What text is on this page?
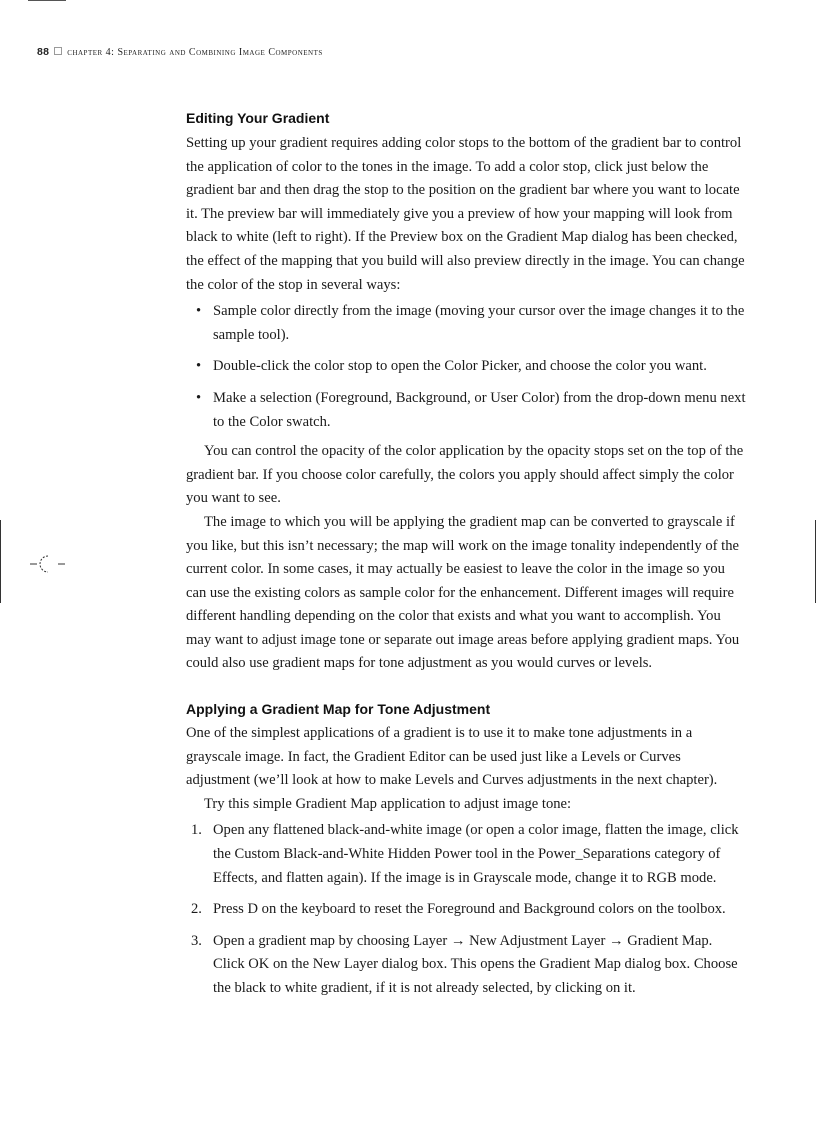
88 chapter 4: Separating and Combining Image Components
Editing Your Gradient

Setting up your gradient requires adding color stops to the bottom of the gradient bar to control the application of color to the tones in the image. To add a color stop, click just below the gradient bar and then drag the stop to the position on the gradient bar where you want to locate it. The preview bar will immediately give you a preview of how your mapping will look from black to white (left to right). If the Preview box on the Gradient Map dialog has been checked, the effect of the mapping that you build will also preview directly in the image. You can change the color of the stop in several ways:

• Sample color directly from the image (moving your cursor over the image changes it to the sample tool).
• Double-click the color stop to open the Color Picker, and choose the color you want.
• Make a selection (Foreground, Background, or User Color) from the drop-down menu next to the Color swatch.

You can control the opacity of the color application by the opacity stops set on the top of the gradient bar. If you choose color carefully, the colors you apply should affect simply the color you want to see.

The image to which you will be applying the gradient map can be converted to grayscale if you like, but this isn’t necessary; the map will work on the image tonality independently of the current color. In some cases, it may actually be easiest to leave the color in the image so you can use the existing colors as sample color for the enhancement. Different images will require different handling depending on the color that exists and what you want to accomplish. You may want to adjust image tone or separate out image areas before applying gradient maps. You could also use gradient maps for tone adjustment as you would curves or levels.

Applying a Gradient Map for Tone Adjustment

One of the simplest applications of a gradient is to use it to make tone adjustments in a grayscale image. In fact, the Gradient Editor can be used just like a Levels or Curves adjustment (we’ll look at how to make Levels and Curves adjustments in the next chapter).

Try this simple Gradient Map application to adjust image tone:

1. Open any flattened black-and-white image (or open a color image, flatten the image, click the Custom Black-and-White Hidden Power tool in the Power_Separations category of Effects, and flatten again). If the image is in Grayscale mode, change it to RGB mode.
2. Press D on the keyboard to reset the Foreground and Background colors on the toolbox.
3. Open a gradient map by choosing Layer → New Adjustment Layer → Gradient Map. Click OK on the New Layer dialog box. This opens the Gradient Map dialog box. Choose the black to white gradient, if it is not already selected, by clicking on it.
